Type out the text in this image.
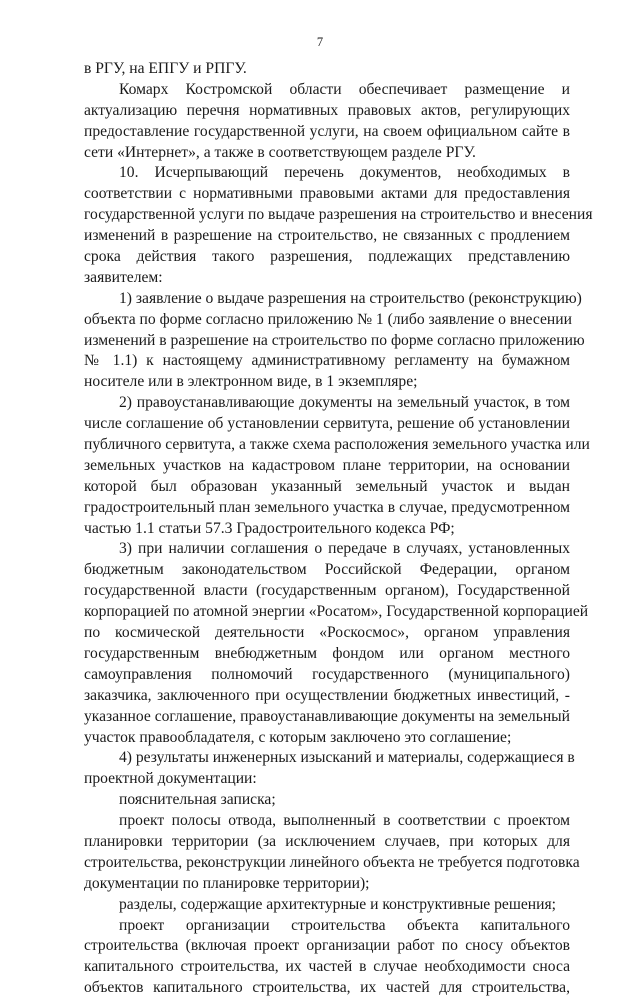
7
в РГУ, на ЕПГУ и РПГУ.
Комарх Костромской области обеспечивает размещение и
актуализацию перечня нормативных правовых актов, регулирующих
предоставление государственной услуги, на своем официальном сайте в
сети «Интернет», а также в соответствующем разделе РГУ.
10. Исчерпывающий перечень документов, необходимых в
соответствии с нормативными правовыми актами для предоставления
государственной услуги по выдаче разрешения на строительство и внесения
изменений в разрешение на строительство, не связанных с продлением
срока действия такого разрешения, подлежащих представлению
заявителем:
1) заявление о выдаче разрешения на строительство (реконструкцию)
объекта по форме согласно приложению № 1 (либо заявление о внесении
изменений в разрешение на строительство по форме согласно приложению
№ 1.1) к настоящему административному регламенту на бумажном
носителе или в электронном виде, в 1 экземпляре;
2) правоустанавливающие документы на земельный участок, в том
числе соглашение об установлении сервитута, решение об установлении
публичного сервитута, а также схема расположения земельного участка или
земельных участков на кадастровом плане территории, на основании
которой был образован указанный земельный участок и выдан
градостроительный план земельного участка в случае, предусмотренном
частью 1.1 статьи 57.3 Градостроительного кодекса РФ;
3) при наличии соглашения о передаче в случаях, установленных
бюджетным законодательством Российской Федерации, органом
государственной власти (государственным органом), Государственной
корпорацией по атомной энергии «Росатом», Государственной корпорацией
по космической деятельности «Роскосмос», органом управления
государственным внебюджетным фондом или органом местного
самоуправления полномочий государственного (муниципального)
заказчика, заключенного при осуществлении бюджетных инвестиций, -
указанное соглашение, правоустанавливающие документы на земельный
участок правообладателя, с которым заключено это соглашение;
4) результаты инженерных изысканий и материалы, содержащиеся в
проектной документации:
пояснительная записка;
проект полосы отвода, выполненный в соответствии с проектом
планировки территории (за исключением случаев, при которых для
строительства, реконструкции линейного объекта не требуется подготовка
документации по планировке территории);
разделы, содержащие архитектурные и конструктивные решения;
проект организации строительства объекта капитального
строительства (включая проект организации работ по сносу объектов
капитального строительства, их частей в случае необходимости сноса
объектов капитального строительства, их частей для строительства,
